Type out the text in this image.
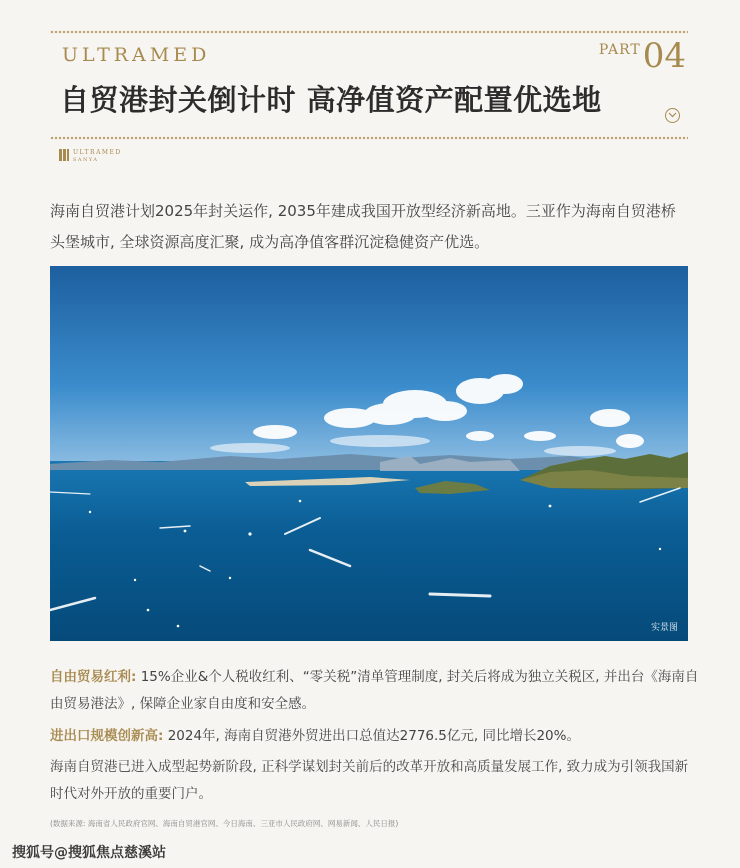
ULTRAMED	PART04
自贸港封关倒计时 高净值资产配置优选地
ULTRAMED
SANYA
海南自贸港计划2025年封关运作, 2035年建成我国开放型经济新高地。三亚作为海南自贸港桥头堡城市, 全球资源高度汇聚, 成为高净值客群沉淀稳健资产优选。
实景图
自由贸易红利: 15%企业&个人税收红利、“零关税”清单管理制度, 封关后将成为独立关税区, 并出台《海南自由贸易港法》, 保障企业家自由度和安全感。
进出口规模创新高: 2024年, 海南自贸港外贸进出口总值达2776.5亿元, 同比增长20%。
海南自贸港已进入成型起势新阶段, 正科学谋划封关前后的改革开放和高质量发展工作, 致力成为引领我国新时代对外开放的重要门户。
(数据来源: 海南省人民政府官网、海南自贸港官网、今日海南、三亚市人民政府网、网易新闻、人民日报)
搜狐号@搜狐焦点慈溪站
